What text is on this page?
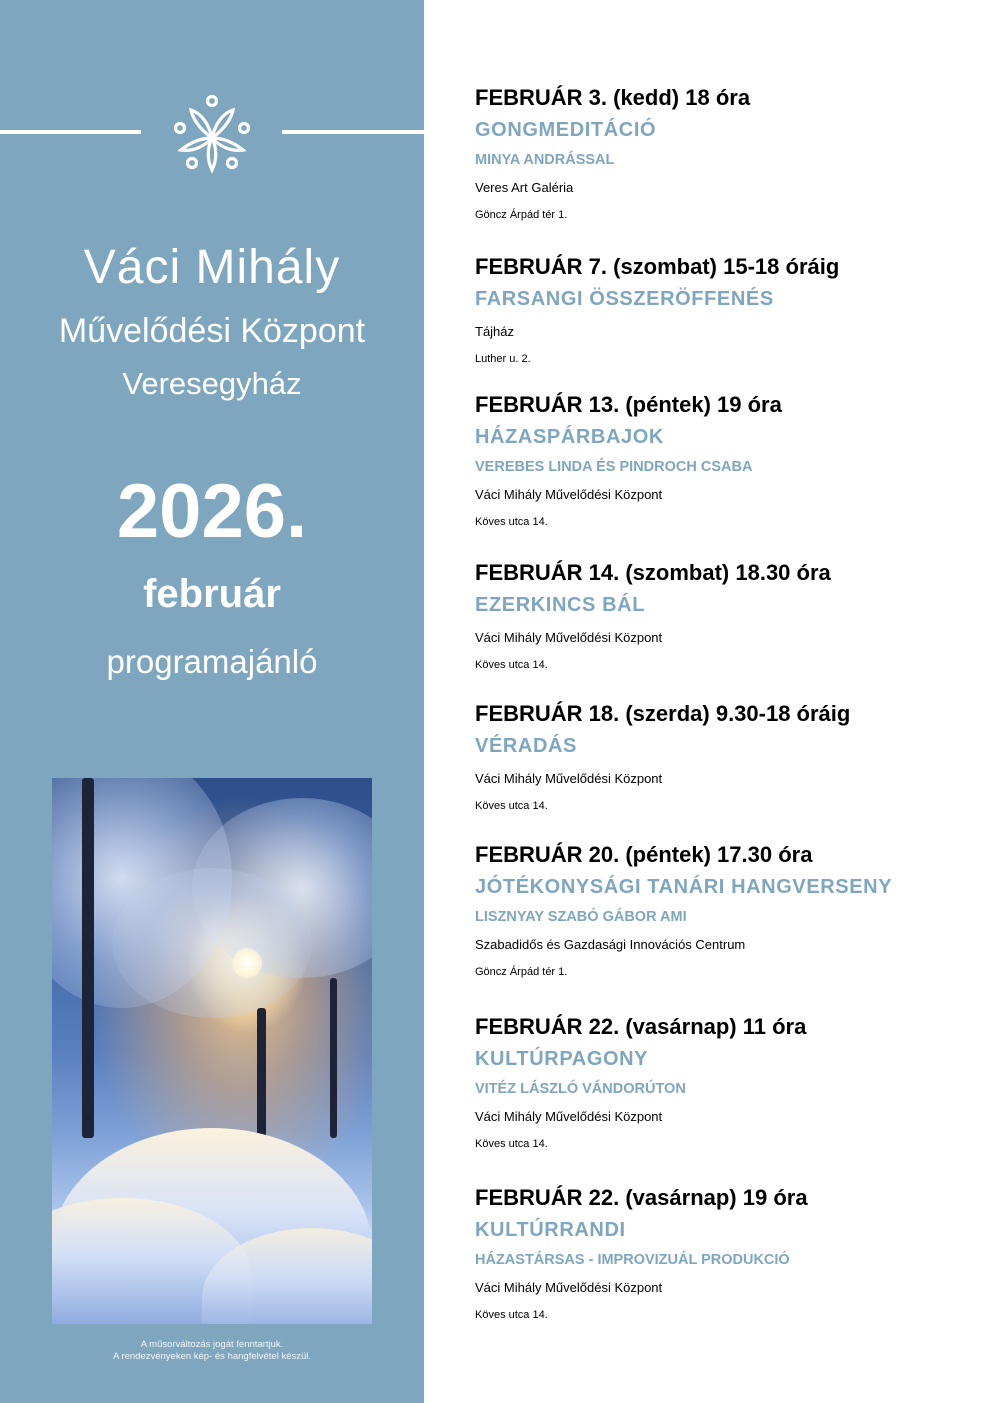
Váci Mihály
Művelődési Központ
Veresegyház
2026.
február
programajánló
A műsorváltozás jogát fenntartjuk.
A rendezvényeken kép- és hangfelvétel készül.
FEBRUÁR 3. (kedd) 18 óra
GONGMEDITÁCIÓ
MINYA ANDRÁSSAL
Veres Art Galéria
Göncz Árpád tér 1.
FEBRUÁR 7. (szombat) 15-18 óráig
FARSANGI ÖSSZERÖFFENÉS
Tájház
Luther u. 2.
FEBRUÁR 13. (péntek) 19 óra
HÁZASPÁRBAJOK
VEREBES LINDA ÉS PINDROCH CSABA
Váci Mihály Művelődési Központ
Köves utca 14.
FEBRUÁR 14. (szombat) 18.30 óra
EZERKINCS BÁL
Váci Mihály Művelődési Központ
Köves utca 14.
FEBRUÁR 18. (szerda) 9.30-18 óráig
VÉRADÁS
Váci Mihály Művelődési Központ
Köves utca 14.
FEBRUÁR 20. (péntek) 17.30 óra
JÓTÉKONYSÁGI TANÁRI HANGVERSENY
LISZNYAY SZABÓ GÁBOR AMI
Szabadidős és Gazdasági Innovációs Centrum
Göncz Árpád tér 1.
FEBRUÁR 22. (vasárnap) 11 óra
KULTÚRPAGONY
VITÉZ LÁSZLÓ VÁNDORÚTON
Váci Mihály Művelődési Központ
Köves utca 14.
FEBRUÁR 22. (vasárnap) 19 óra
KULTÚRRANDI
HÁZASTÁRSAS - IMPROVIZUÁL PRODUKCIÓ
Váci Mihály Művelődési Központ
Köves utca 14.
